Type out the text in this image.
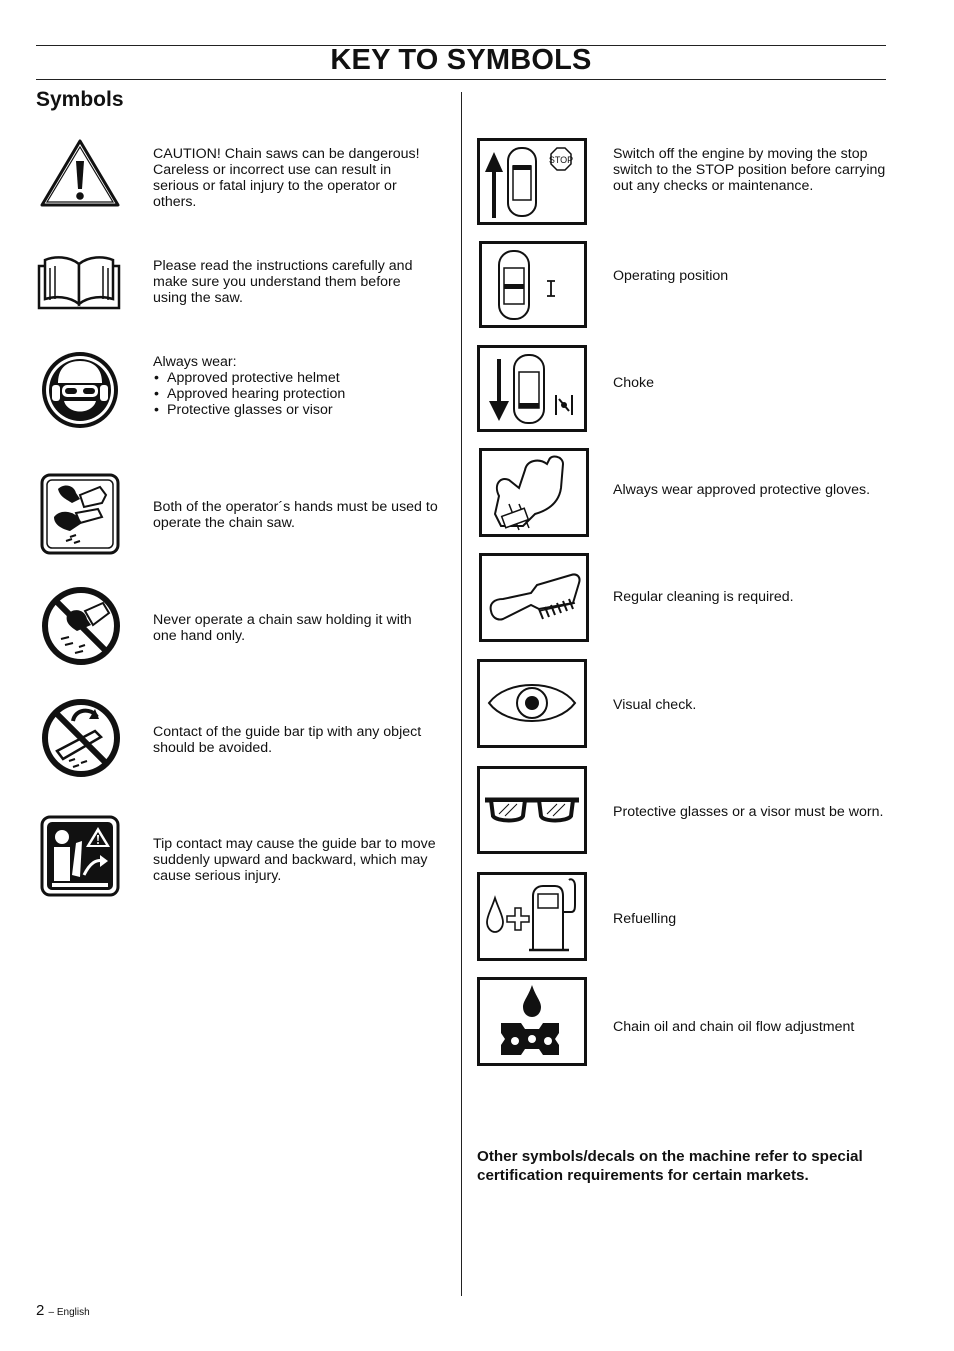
KEY TO SYMBOLS
Symbols
CAUTION! Chain saws can be dangerous! Careless or incorrect use can result in serious or fatal injury to the operator or others.
Please read the instructions carefully and make sure you understand them before using the saw.
Always wear:
• Approved protective helmet
• Approved hearing protection
• Protective glasses or visor
Both of the operator´s hands must be used to operate the chain saw.
Never operate a chain saw holding it with one hand only.
Contact of the guide bar tip with any object should be avoided.
Tip contact may cause the guide bar to move suddenly upward and backward, which may cause serious injury.
STOP	Switch off the engine by moving the stop switch to the STOP position before carrying out any checks or maintenance.
Operating position
Choke
Always wear approved protective gloves.
Regular cleaning is required.
Visual check.
Protective glasses or a visor must be worn.
Refuelling
Chain oil and chain oil flow adjustment
Other symbols/decals on the machine refer to special certification requirements for certain markets.
2 – English
